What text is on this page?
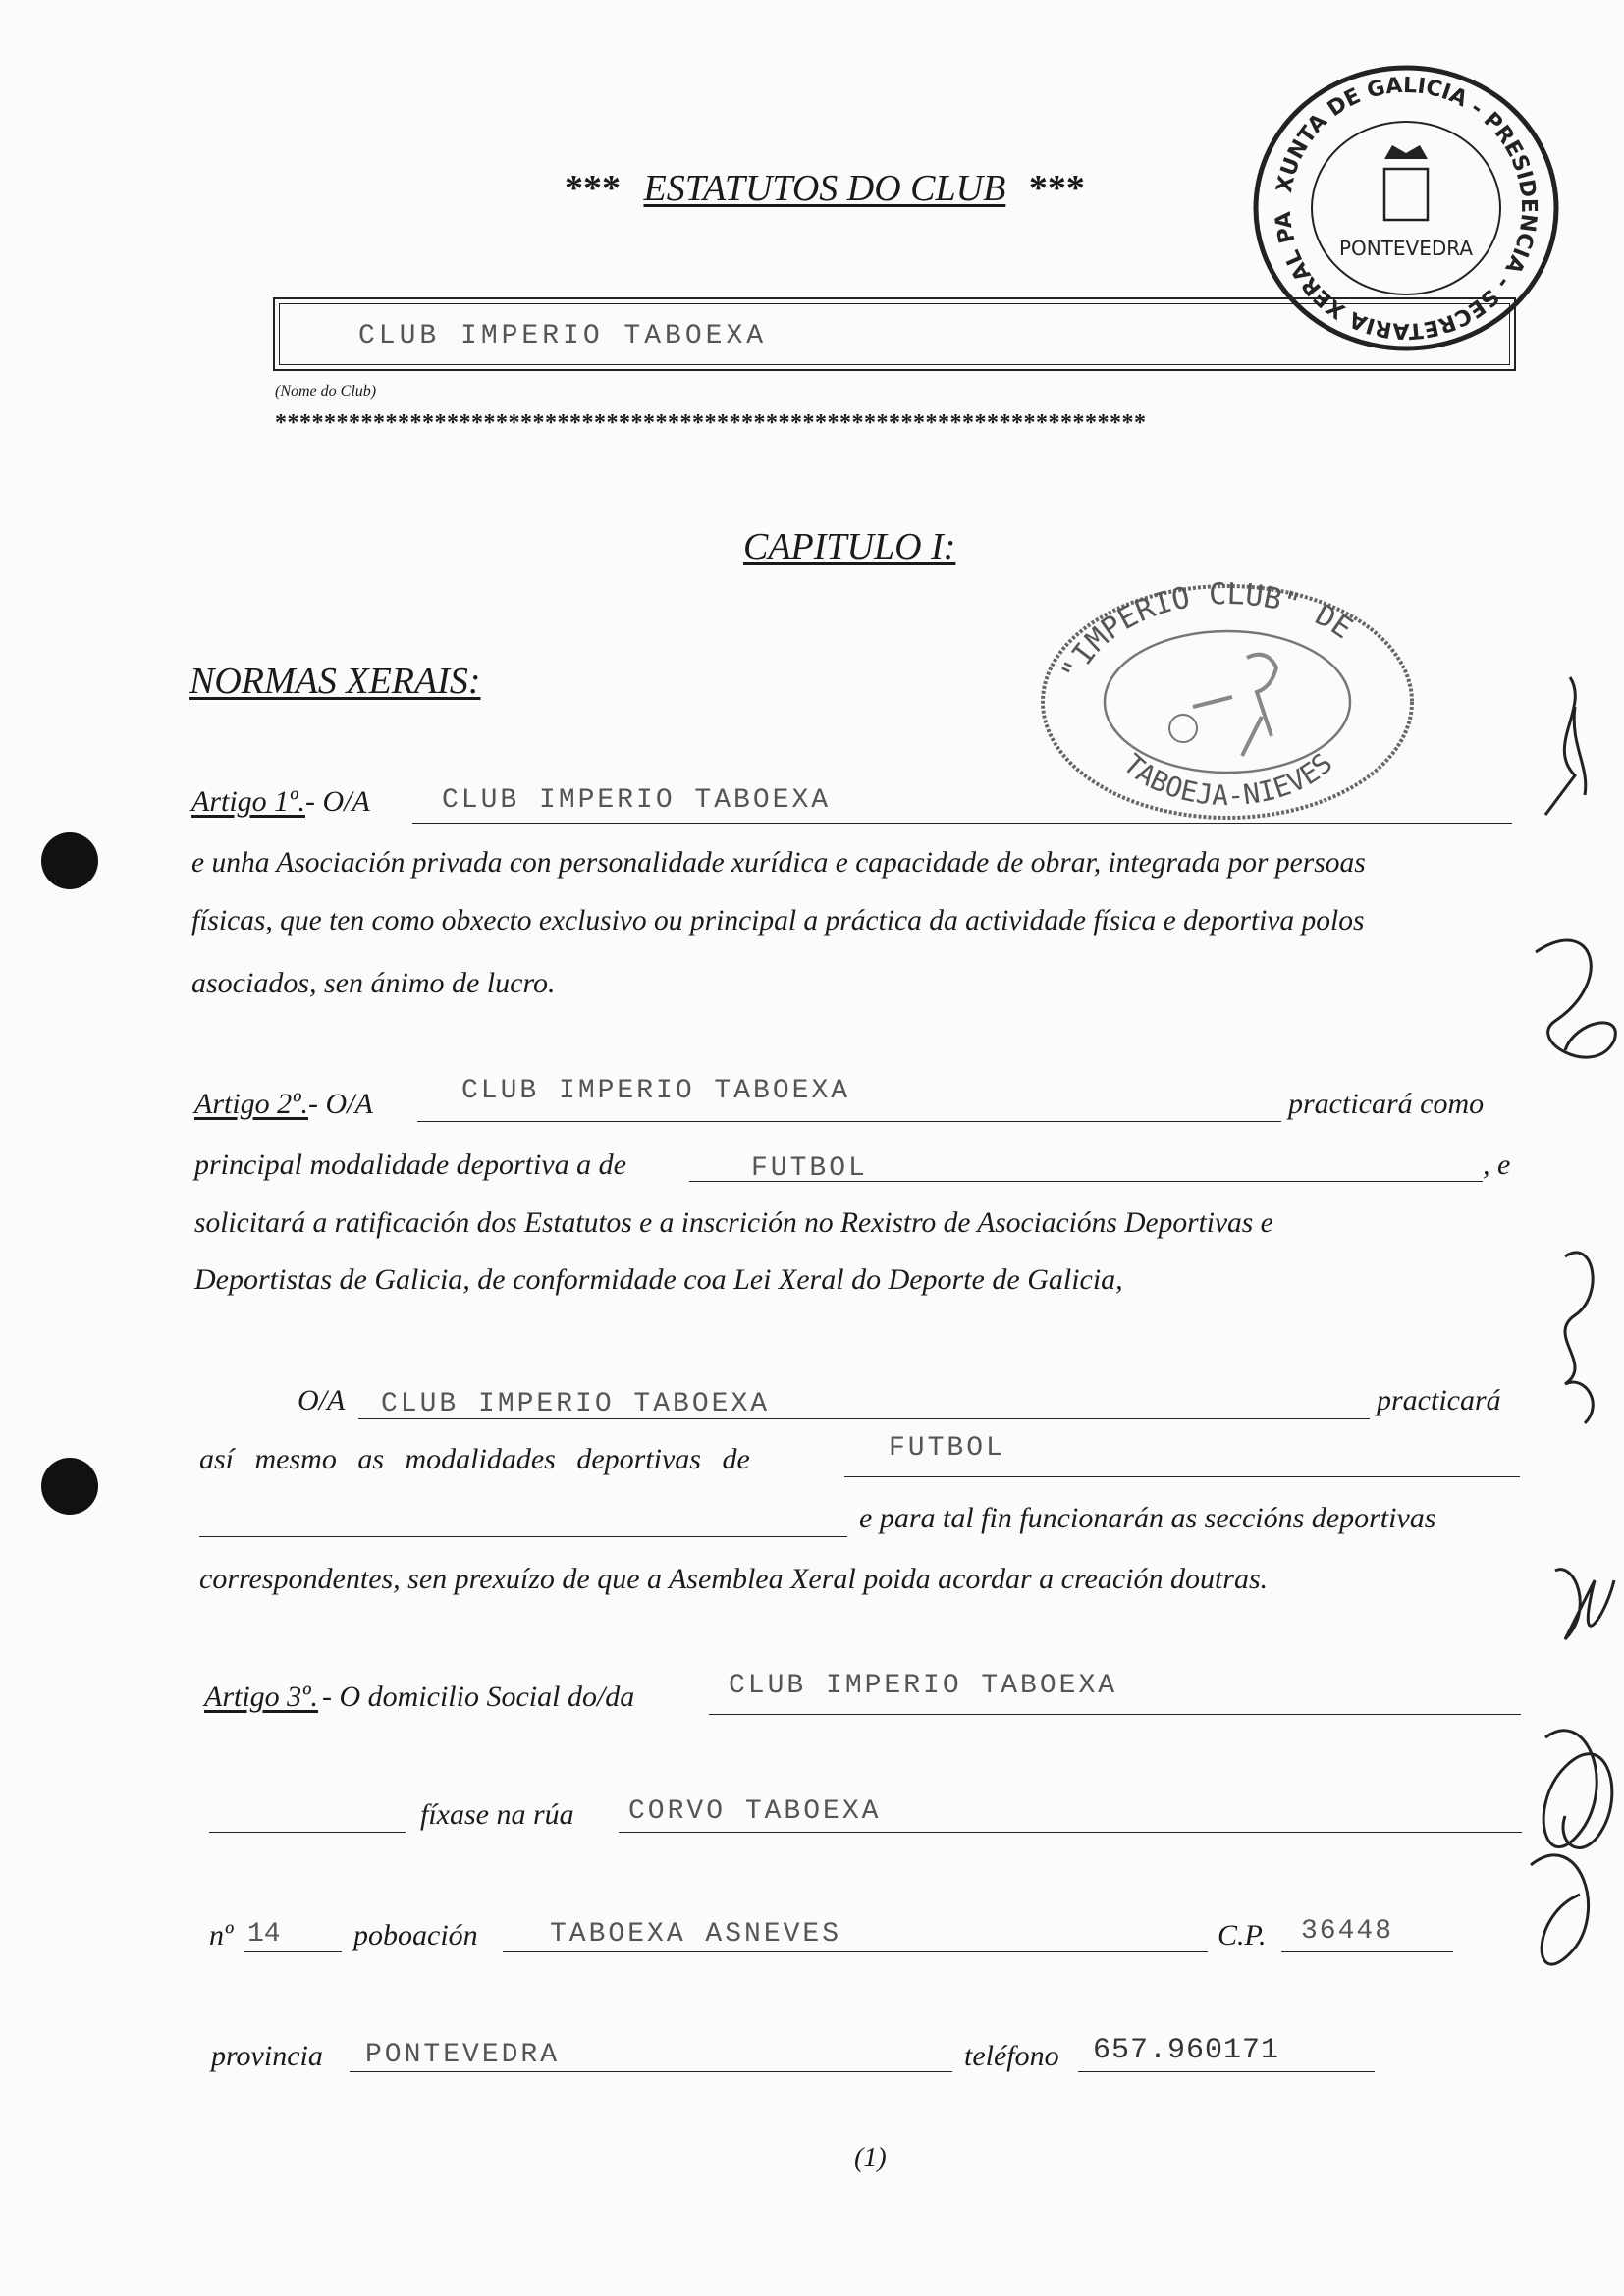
*** ESTATUTOS DO CLUB ***
CLUB IMPERIO TABOEXA
(Nome do Club)
***********************************************************************
XUNTA DE GALICIA - PRESIDENCIA - SECRETARIA XERAL PA
PONTEVEDRA
CAPITULO I:
NORMAS XERAIS:	"IMPERIO CLUB" DE
TABOEJA-NIEVES
Artigo 1º.- O/A	CLUB IMPERIO TABOEXA
e unha Asociación privada con personalidade xurídica e capacidade de obrar, integrada por persoas
físicas, que ten como obxecto exclusivo ou principal a práctica da actividade física e deportiva polos
asociados, sen ánimo de lucro.
Artigo 2º.- O/A	CLUB IMPERIO TABOEXA	practicará como
principal modalidade deportiva a de	FUTBOL	, e
solicitará a ratificación dos Estatutos e a inscrición no Rexistro de Asociacións Deportivas e
Deportistas de Galicia, de conformidade coa Lei Xeral do Deporte de Galicia,
O/A CLUB IMPERIO TABOEXA	practicará
así mesmo as modalidades deportivas de	FUTBOL
e para tal fin funcionarán as seccións deportivas
correspondentes, sen prexuízo de que a Asemblea Xeral poida acordar a creación doutras.
Artigo 3º. - O domicilio Social do/da	CLUB IMPERIO TABOEXA
fíxase na rúa CORVO TABOEXA
nº 14 poboación	TABOEXA ASNEVES	C.P. 36448
provincia PONTEVEDRA	teléfono 657.960171
(1)
